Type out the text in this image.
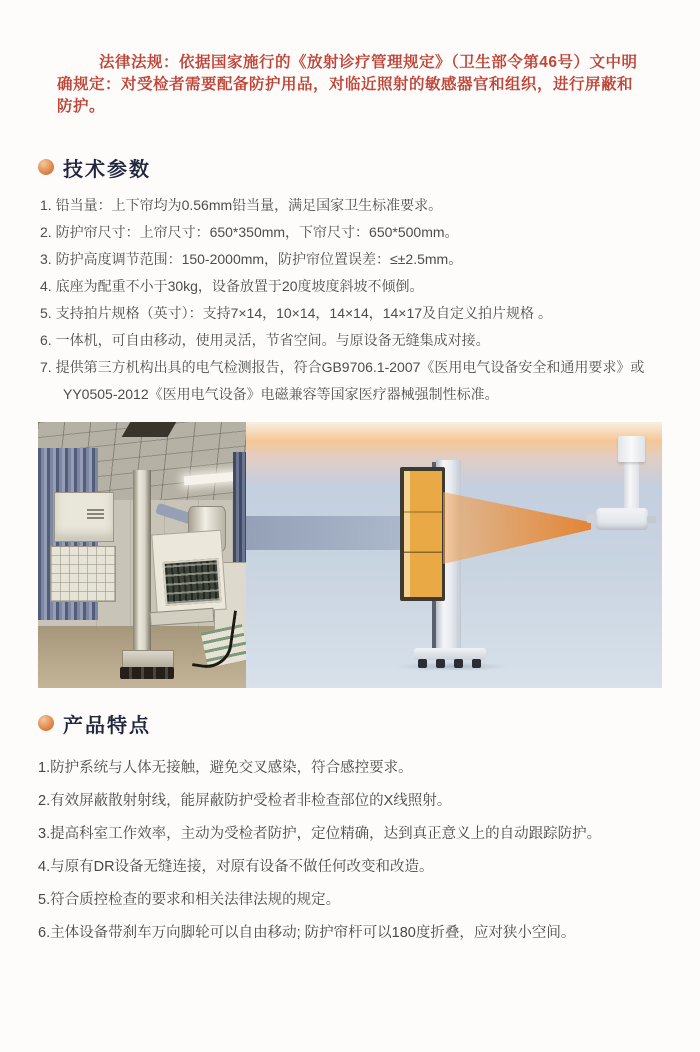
法律法规：依据国家施行的《放射诊疗管理规定》（卫生部令第46号）文中明确规定：对受检者需要配备防护用品，对临近照射的敏感器官和组织，进行屏蔽和防护。

技术参数
1. 铅当量：上下帘均为0.56mm铅当量，满足国家卫生标准要求。
2. 防护帘尺寸：上帘尺寸：650*350mm，下帘尺寸：650*500mm。
3. 防护高度调节范围：150-2000mm，防护帘位置误差：≤±2.5mm。
4. 底座为配重不小于30kg，设备放置于20度坡度斜坡不倾倒。
5. 支持拍片规格（英寸）：支持7×14，10×14，14×14，14×17及自定义拍片规格 。
6. 一体机，可自由移动，使用灵活，节省空间。与原设备无缝集成对接。
7. 提供第三方机构出具的电气检测报告，符合GB9706.1-2007《医用电气设备安全和通用要求》或YY0505-2012《医用电气设备》电磁兼容等国家医疗器械强制性标准。
产品特点
1.防护系统与人体无接触，避免交叉感染，符合感控要求。
2.有效屏蔽散射射线，能屏蔽防护受检者非检查部位的X线照射。
3.提高科室工作效率，主动为受检者防护，定位精确，达到真正意义上的自动跟踪防护。
4.与原有DR设备无缝连接，对原有设备不做任何改变和改造。
5.符合质控检查的要求和相关法律法规的规定。
6.主体设备带刹车万向脚轮可以自由移动; 防护帘杆可以180度折叠，应对狭小空间。
